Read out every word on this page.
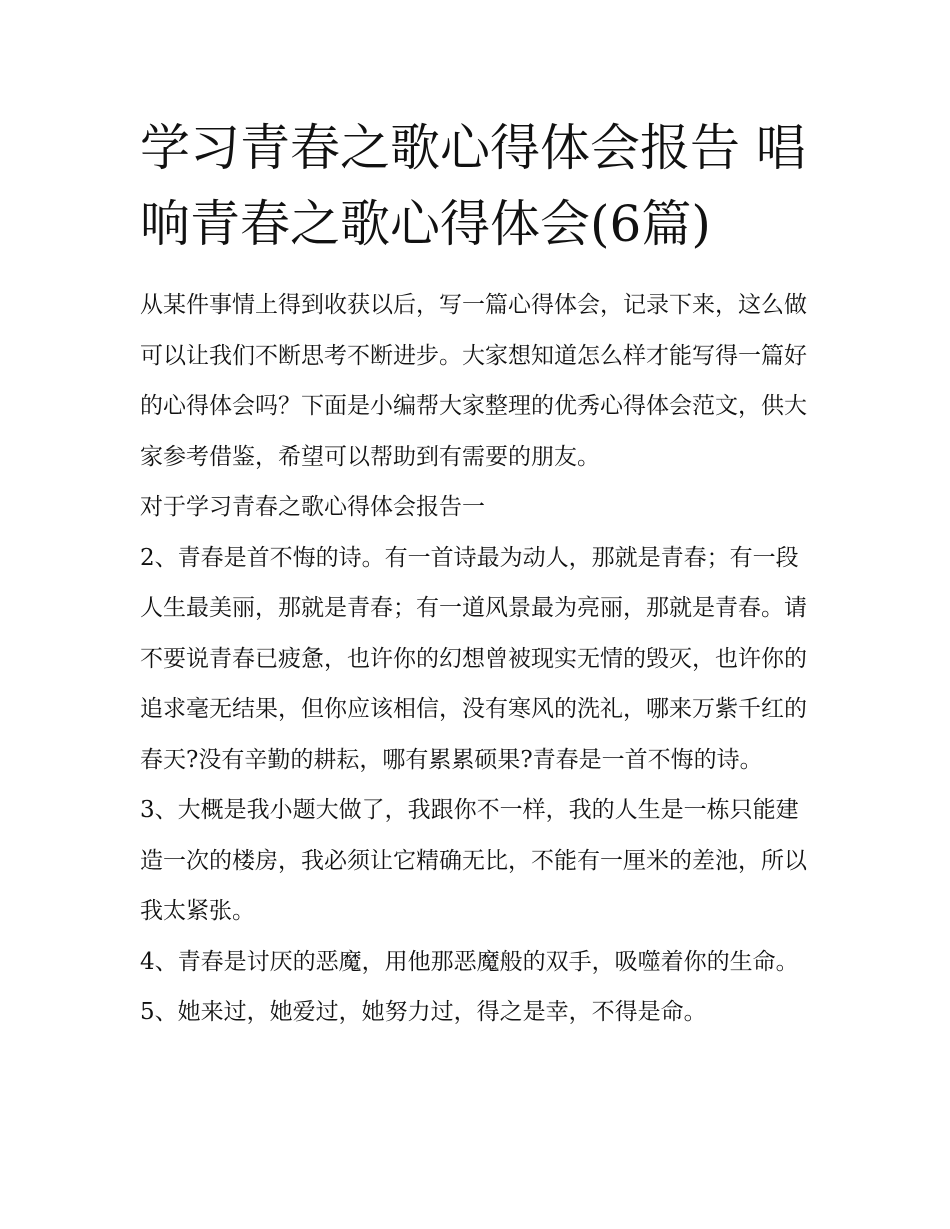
学习青春之歌心得体会报告 唱响青春之歌心得体会(6篇)

从某件事情上得到收获以后，写一篇心得体会，记录下来，这么做可以让我们不断思考不断进步。大家想知道怎么样才能写得一篇好的心得体会吗？下面是小编帮大家整理的优秀心得体会范文，供大家参考借鉴，希望可以帮助到有需要的朋友。

对于学习青春之歌心得体会报告一

2、青春是首不悔的诗。有一首诗最为动人，那就是青春；有一段人生最美丽，那就是青春；有一道风景最为亮丽，那就是青春。请不要说青春已疲惫，也许你的幻想曾被现实无情的毁灭，也许你的追求毫无结果，但你应该相信，没有寒风的洗礼，哪来万紫千红的春天?没有辛勤的耕耘，哪有累累硕果?青春是一首不悔的诗。

3、大概是我小题大做了，我跟你不一样，我的人生是一栋只能建造一次的楼房，我必须让它精确无比，不能有一厘米的差池，所以我太紧张。

4、青春是讨厌的恶魔，用他那恶魔般的双手，吸噬着你的生命。 5、她来过，她爱过，她努力过，得之是幸，不得是命。
